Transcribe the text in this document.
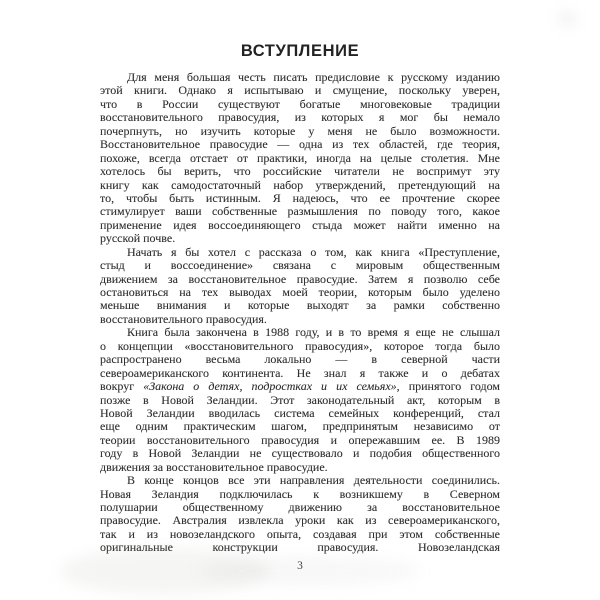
ВСТУПЛЕНИЕ
Для меня большая честь писать предисловие к русскому изданию
этой книги. Однако я испытываю и смущение, поскольку уверен,
что в России существуют богатые многовековые традиции
восстановительного правосудия, из которых я мог бы немало
почерпнуть, но изучить которые у меня не было возможности.
Восстановительное правосудие — одна из тех областей, где теория,
похоже, всегда отстает от практики, иногда на целые столетия. Мне
хотелось бы верить, что российские читатели не воспримут эту
книгу как самодостаточный набор утверждений, претендующий на
то, чтобы быть истинным. Я надеюсь, что ее прочтение скорее
стимулирует ваши собственные размышления по поводу того, какое
применение идея воссоединяющего стыда может найти именно на
русской почве.
Начать я бы хотел с рассказа о том, как книга «Преступление,
стыд и воссоединение» связана с мировым общественным
движением за восстановительное правосудие. Затем я позволю себе
остановиться на тех выводах моей теории, которым было уделено
меньше внимания и которые выходят за рамки собственно
восстановительного правосудия.
Книга была закончена в 1988 году, и в то время я еще не слышал
о концепции «восстановительного правосудия», которое тогда было
распространено весьма локально — в северной части
североамериканского континента. Не знал я также и о дебатах
вокруг «Закона о детях, подростках и их семьях», принятого годом
позже в Новой Зеландии. Этот законодательный акт, которым в
Новой Зеландии вводилась система семейных конференций, стал
еще одним практическим шагом, предпринятым независимо от
теории восстановительного правосудия и опережавшим ее. В 1989
году в Новой Зеландии не существовало и подобия общественного
движения за восстановительное правосудие.
В конце концов все эти направления деятельности соединились.
Новая Зеландия подключилась к возникшему в Северном
полушарии общественному движению за восстановительное
правосудие. Австралия извлекла уроки как из североамериканского,
так и из новозеландского опыта, создавая при этом собственные
оригинальные конструкции правосудия. Новозеландская
3
